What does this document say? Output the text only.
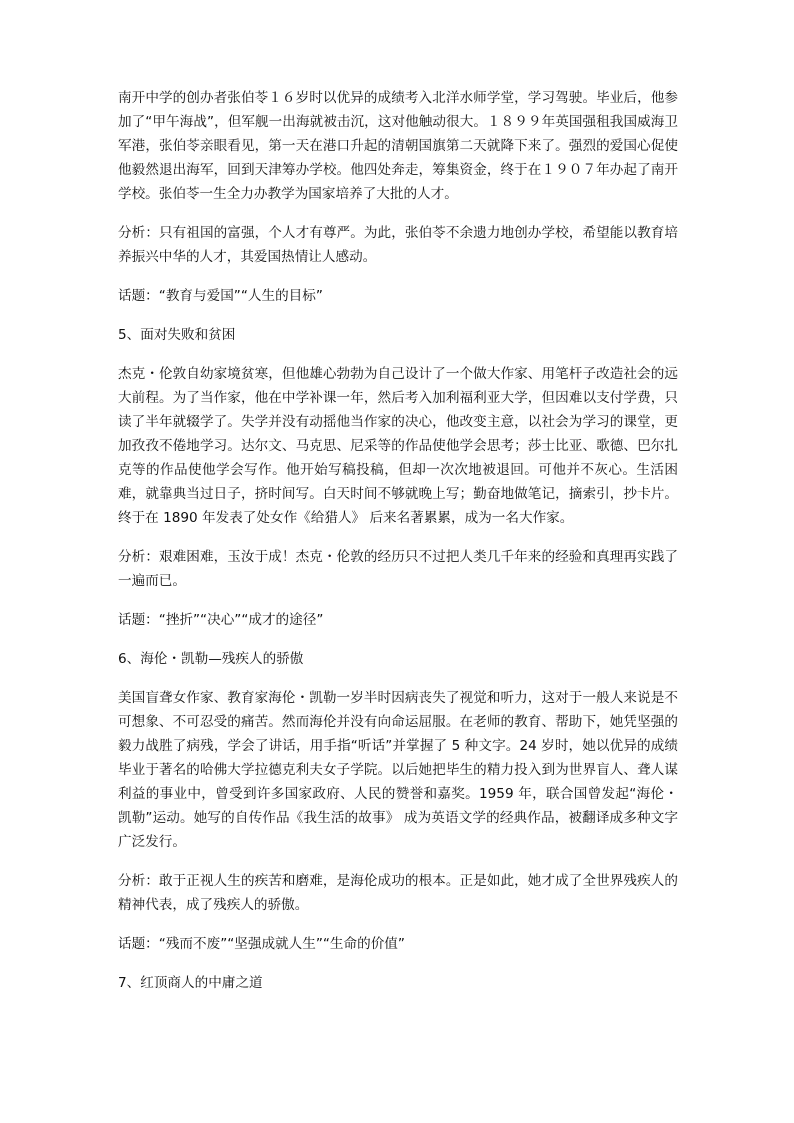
南开中学的创办者张伯苓１６岁时以优异的成绩考入北洋水师学堂，学习驾驶。毕业后，他参加了“甲午海战”，但军舰一出海就被击沉，这对他触动很大。１８９９年英国强租我国威海卫军港，张伯苓亲眼看见，第一天在港口升起的清朝国旗第二天就降下来了。强烈的爱国心促使他毅然退出海军，回到天津筹办学校。他四处奔走，筹集资金，终于在１９０７年办起了南开学校。张伯苓一生全力办教学为国家培养了大批的人才。

分析：只有祖国的富强，个人才有尊严。为此，张伯苓不余遗力地创办学校，希望能以教育培养振兴中华的人才，其爱国热情让人感动。

话题：“教育与爱国”“人生的目标”

5、面对失败和贫困

杰克・伦敦自幼家境贫寒，但他雄心勃勃为自己设计了一个做大作家、用笔杆子改造社会的远大前程。为了当作家，他在中学补课一年，然后考入加利福利亚大学，但因难以支付学费，只读了半年就辍学了。失学并没有动摇他当作家的决心，他改变主意，以社会为学习的课堂，更加孜孜不倦地学习。达尔文、马克思、尼采等的作品使他学会思考；莎士比亚、歌德、巴尔扎克等的作品使他学会写作。他开始写稿投稿，但却一次次地被退回。可他并不灰心。生活困难，就靠典当过日子，挤时间写。白天时间不够就晚上写；勤奋地做笔记，摘索引，抄卡片。终于在 1890 年发表了处女作《给猎人》 后来名著累累，成为一名大作家。

分析：艰难困难，玉汝于成！杰克・伦敦的经历只不过把人类几千年来的经验和真理再实践了一遍而已。

话题：“挫折”“决心”“成才的途径”

6、海伦・凯勒—残疾人的骄傲

美国盲聋女作家、教育家海伦・凯勒一岁半时因病丧失了视觉和听力，这对于一般人来说是不可想象、不可忍受的痛苦。然而海伦并没有向命运屈服。在老师的教育、帮助下，她凭坚强的毅力战胜了病残，学会了讲话，用手指“听话”并掌握了 5 种文字。24 岁时，她以优异的成绩毕业于著名的哈佛大学拉德克利夫女子学院。以后她把毕生的精力投入到为世界盲人、聋人谋利益的事业中，曾受到许多国家政府、人民的赞誉和嘉奖。1959 年，联合国曾发起“海伦・凯勒”运动。她写的自传作品《我生活的故事》 成为英语文学的经典作品，被翻译成多种文字广泛发行。

分析：敢于正视人生的疾苦和磨难，是海伦成功的根本。正是如此，她才成了全世界残疾人的精神代表，成了残疾人的骄傲。

话题：“残而不废”“坚强成就人生”“生命的价值”

7、红顶商人的中庸之道
